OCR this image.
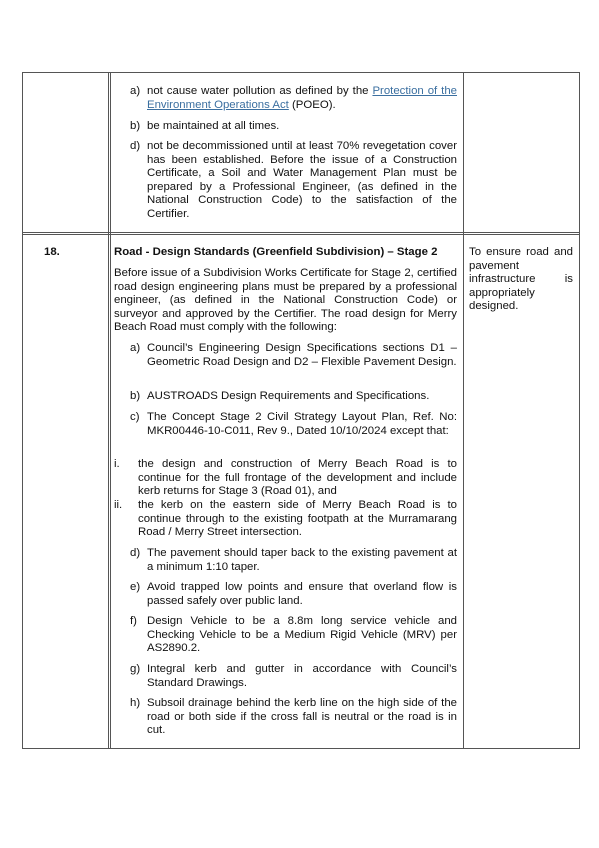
a) not cause water pollution as defined by the Protection of the Environment Operations Act (POEO).
b) be maintained at all times.
d) not be decommissioned until at least 70% revegetation cover has been established. Before the issue of a Construction Certificate, a Soil and Water Management Plan must be prepared by a Professional Engineer, (as defined in the National Construction Code) to the satisfaction of the Certifier.
18.	Road - Design Standards (Greenfield Subdivision) – Stage 2
Before issue of a Subdivision Works Certificate for Stage 2, certified road design engineering plans must be prepared by a professional engineer, (as defined in the National Construction Code) or surveyor and approved by the Certifier. The road design for Merry Beach Road must comply with the following:
a) Council’s Engineering Design Specifications sections D1 – Geometric Road Design and D2 – Flexible Pavement Design.
b) AUSTROADS Design Requirements and Specifications.
c) The Concept Stage 2 Civil Strategy Layout Plan, Ref. No: MKR00446-10-C011, Rev 9., Dated 10/10/2024 except that:
i. the design and construction of Merry Beach Road is to continue for the full frontage of the development and include kerb returns for Stage 3 (Road 01), and
ii. the kerb on the eastern side of Merry Beach Road is to continue through to the existing footpath at the Murramarang Road / Merry Street intersection.
d) The pavement should taper back to the existing pavement at a minimum 1:10 taper.
e) Avoid trapped low points and ensure that overland flow is passed safely over public land.
f) Design Vehicle to be a 8.8m long service vehicle and Checking Vehicle to be a Medium Rigid Vehicle (MRV) per AS2890.2.
g) Integral kerb and gutter in accordance with Council’s Standard Drawings.
h) Subsoil drainage behind the kerb line on the high side of the road or both side if the cross fall is neutral or the road is in cut.
To ensure road and pavement infrastructure is appropriately designed.
